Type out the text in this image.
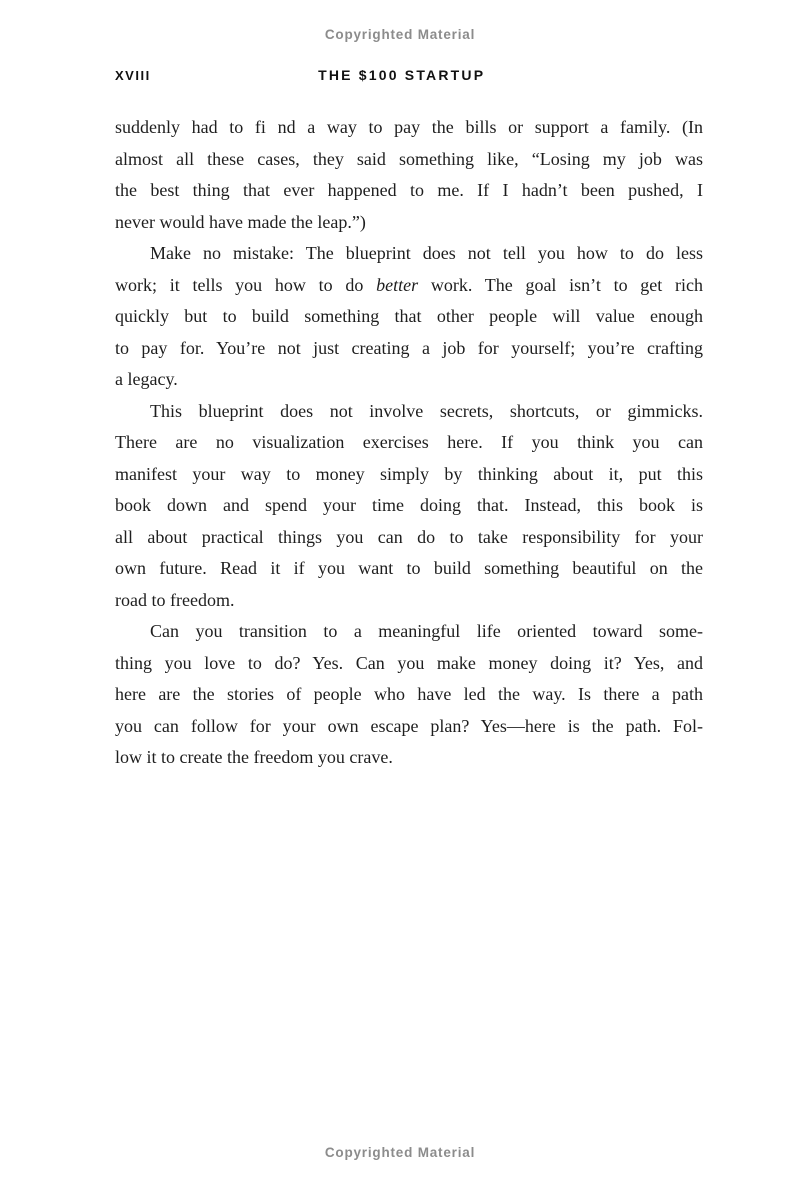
Copyrighted Material
XVIII	THE $100 STARTUP
suddenly had to fi nd a way to pay the bills or support a family. (In
almost all these cases, they said something like, “Losing my job was
the best thing that ever happened to me. If I hadn’t been pushed, I
never would have made the leap.”)
Make no mistake: The blueprint does not tell you how to do less
work; it tells you how to do better work. The goal isn’t to get rich
quickly but to build something that other people will value enough
to pay for. You’re not just creating a job for yourself; you’re crafting
a legacy.
This blueprint does not involve secrets, shortcuts, or gimmicks.
There are no visualization exercises here. If you think you can
manifest your way to money simply by thinking about it, put this
book down and spend your time doing that. Instead, this book is
all about practical things you can do to take responsibility for your
own future. Read it if you want to build something beautiful on the
road to freedom.
Can you transition to a meaningful life oriented toward some-
thing you love to do? Yes. Can you make money doing it? Yes, and
here are the stories of people who have led the way. Is there a path
you can follow for your own escape plan? Yes—here is the path. Fol-
low it to create the freedom you crave.
Copyrighted Material
